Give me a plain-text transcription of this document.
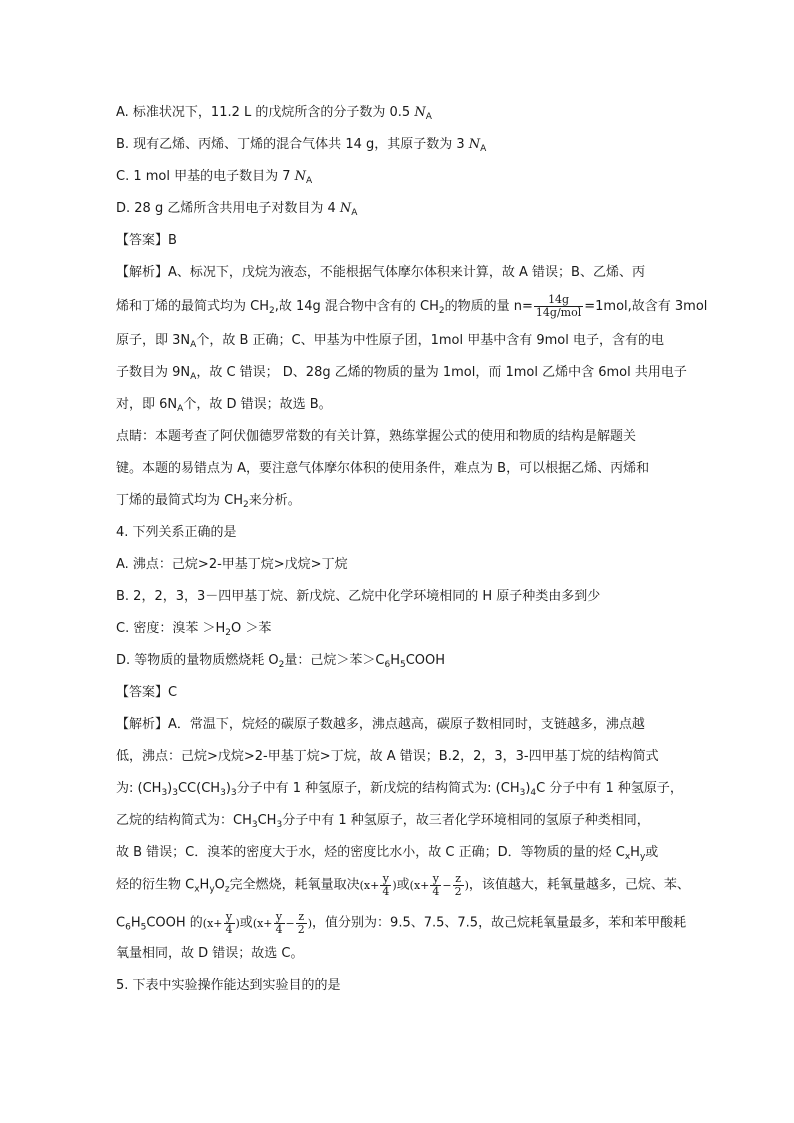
A. 标准状况下，11.2 L 的戊烷所含的分子数为 0.5 $N_A$
B. 现有乙烯、丙烯、丁烯的混合气体共 14 g，其原子数为 3 $N_A$
C. 1 mol 甲基的电子数目为 7 $N_A$
D. 28 g 乙烯所含共用电子对数目为 4 $N_A$
【答案】B
【解析】A、标况下，戊烷为液态，不能根据气体摩尔体积来计算，故 A 错误；B、乙烯、丙
烯和丁烯的最简式均为 $CH_2$,故 14g 混合物中含有的 $CH_2$的物质的量 $n= \frac{14g}{\text{14g/mol}} =1mol$,故含有 3mol
原子，即 $3N_A$个，故 B 正确；C、甲基为中性原子团，1mol 甲基中含有 9mol 电子，含有的电
子数目为 $9N_A$，故 C 错误； D、28g 乙烯的物质的量为 1mol，而 1mol 乙烯中含 6mol 共用电子
对，即 $6N_A$个，故 D 错误；故选 B。
点睛：本题考查了阿伏伽德罗常数的有关计算，熟练掌握公式的使用和物质的结构是解题关
键。本题的易错点为 A，要注意气体摩尔体积的使用条件，难点为 B，可以根据乙烯、丙烯和
丁烯的最简式均为 $CH_2$来分析。
4. 下列关系正确的是
A. 沸点：己烷>2-甲基丁烷>戊烷>丁烷
B. 2，2，3，3－四甲基丁烷、新戊烷、乙烷中化学环境相同的 H 原子种类由多到少
C. 密度：溴苯 $>H_2O$ ＞苯
D. 等物质的量物质燃烧耗 $O_2$量：己烷＞苯$>C_6H_5COOH$
【答案】C
【解析】A．常温下，烷烃的碳原子数越多，沸点越高，碳原子数相同时，支链越多，沸点越
低，沸点：己烷>戊烷>2-甲基丁烷>丁烷，故 A 错误；B.2，2，3，3-四甲基丁烷的结构简式
为: $(CH_3)_3CC(CH_3)_3$分子中有 1 种氢原子，新戊烷的结构简式为: $(CH_3)_4C$ 分子中有 1 种氢原子，
乙烷的结构简式为：$CH_3CH_3$分子中有 1 种氢原子，故三者化学环境相同的氢原子种类相同，
故 B 错误；C．溴苯的密度大于水，烃的密度比水小，故 C 正确；D．等物质的量的烃 $C_xH_y$或
烃的衍生物 $C_xH_yO_z$完全燃烧，耗氧量取决($x+ \frac{y}{4}$ )或($x+ \frac{y}{4} - \frac{z}{2}$ )，该值越大，耗氧量越多，己烷、苯、
$C_6H_5COOH$ 的($x+ \frac{y}{4}$ )或($x+ \frac{y}{4} - \frac{z}{2}$ )，值分别为：9.5、7.5、7.5，故己烷耗氧量最多，苯和苯甲酸耗
氧量相同，故 D 错误；故选 C。
5. 下表中实验操作能达到实验目的的是
